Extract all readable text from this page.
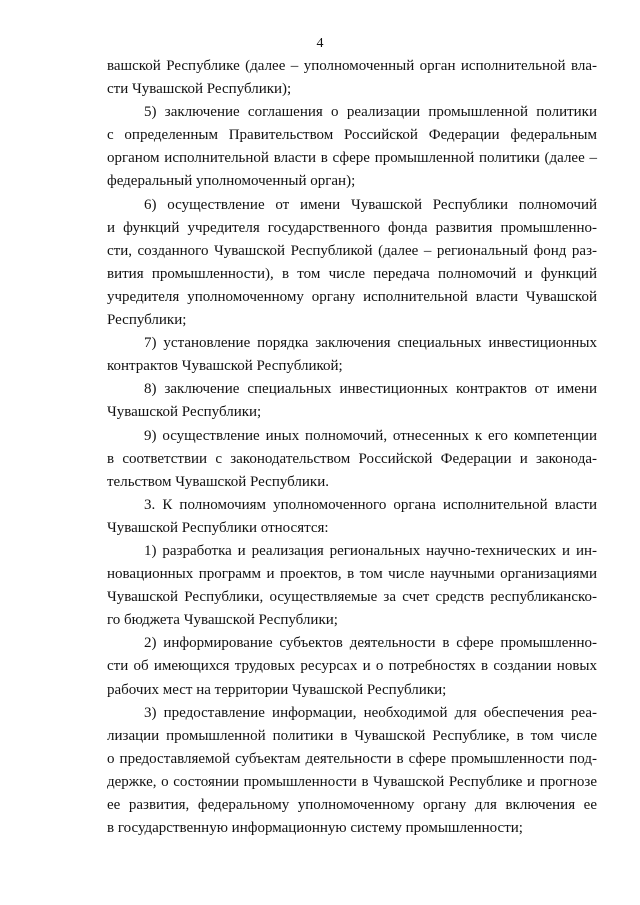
4
вашской Республике (далее – уполномоченный орган исполнительной вла-
сти Чувашской Республики);
5) заключение соглашения о реализации промышленной политики
с определенным Правительством Российской Федерации федеральным
органом исполнительной власти в сфере промышленной политики (далее –
федеральный уполномоченный орган);
6) осуществление от имени Чувашской Республики полномочий
и функций учредителя государственного фонда развития промышленно-
сти, созданного Чувашской Республикой (далее – региональный фонд раз-
вития промышленности), в том числе передача полномочий и функций
учредителя уполномоченному органу исполнительной власти Чувашской
Республики;
7) установление порядка заключения специальных инвестиционных
контрактов Чувашской Республикой;
8) заключение специальных инвестиционных контрактов от имени
Чувашской Республики;
9) осуществление иных полномочий, отнесенных к его компетенции
в соответствии с законодательством Российской Федерации и законода-
тельством Чувашской Республики.
3. К полномочиям уполномоченного органа исполнительной власти
Чувашской Республики относятся:
1) разработка и реализация региональных научно-технических и ин-
новационных программ и проектов, в том числе научными организациями
Чувашской Республики, осуществляемые за счет средств республиканско-
го бюджета Чувашской Республики;
2) информирование субъектов деятельности в сфере промышленно-
сти об имеющихся трудовых ресурсах и о потребностях в создании новых
рабочих мест на территории Чувашской Республики;
3) предоставление информации, необходимой для обеспечения реа-
лизации промышленной политики в Чувашской Республике, в том числе
о предоставляемой субъектам деятельности в сфере промышленности под-
держке, о состоянии промышленности в Чувашской Республике и прогнозе
ее развития, федеральному уполномоченному органу для включения ее
в государственную информационную систему промышленности;
